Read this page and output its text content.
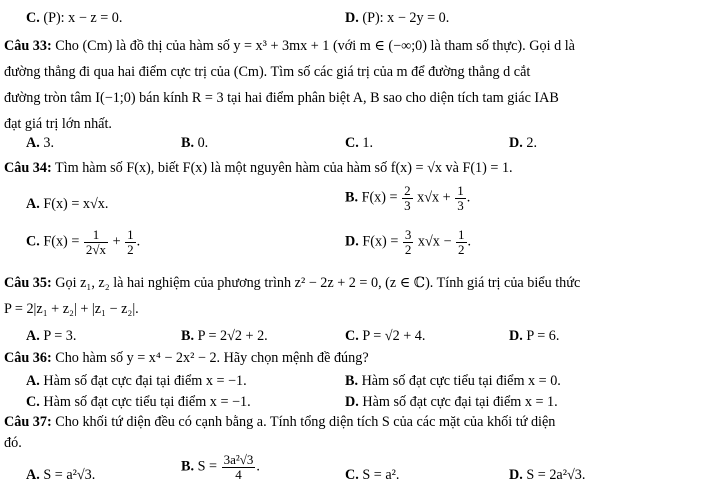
C. (P): x − z = 0.	D. (P): x − 2y = 0.
Câu 33: Cho (Cm) là đồ thị của hàm số y = x³ + 3mx + 1 (với m ∈ (−∞;0) là tham số thực). Gọi d là
đường thẳng đi qua hai điểm cực trị của (Cm). Tìm số các giá trị của m để đường thẳng d cắt
đường tròn tâm I(−1;0) bán kính R = 3 tại hai điểm phân biệt A, B sao cho diện tích tam giác IAB
đạt giá trị lớn nhất.
A. 3.	B. 0.	C. 1.	D. 2.
Câu 34: Tìm hàm số F(x), biết F(x) là một nguyên hàm của hàm số f(x) = √x và F(1) = 1.
A. F(x) = x√x.	B. $F(x) = \frac{2}{3} x√x + \frac{1}{3}$ .
C. $F(x) = \frac{1}{2√x} + \frac{1}{2}$ .	D. $F(x) = \frac{3}{2} x√x - \frac{1}{2}$ .
Câu 35: Gọi z₁, z₂ là hai nghiệm của phương trình z² − 2z + 2 = 0, (z ∈ ℂ). Tính giá trị của biểu thức
P = 2|z₁ + z₂| + |z₁ − z₂|.
A. P = 3.	B. P = 2√2 + 2.	C. P = √2 + 4.	D. P = 6.
Câu 36: Cho hàm số y = x⁴ − 2x² − 2. Hãy chọn mệnh đề đúng?
A. Hàm số đạt cực đại tại điểm x = −1.	B. Hàm số đạt cực tiểu tại điểm x = 0.
C. Hàm số đạt cực tiểu tại điểm x = −1.	D. Hàm số đạt cực đại tại điểm x = 1.
Câu 37: Cho khối tứ diện đều có cạnh bằng a. Tính tổng diện tích S của các mặt của khối tứ diện
đó.
A. S = a²√3.
B. $S = \frac{\text{3a²√3}}{4}$ .
C. S = a².	D. S = 2a²√3.
